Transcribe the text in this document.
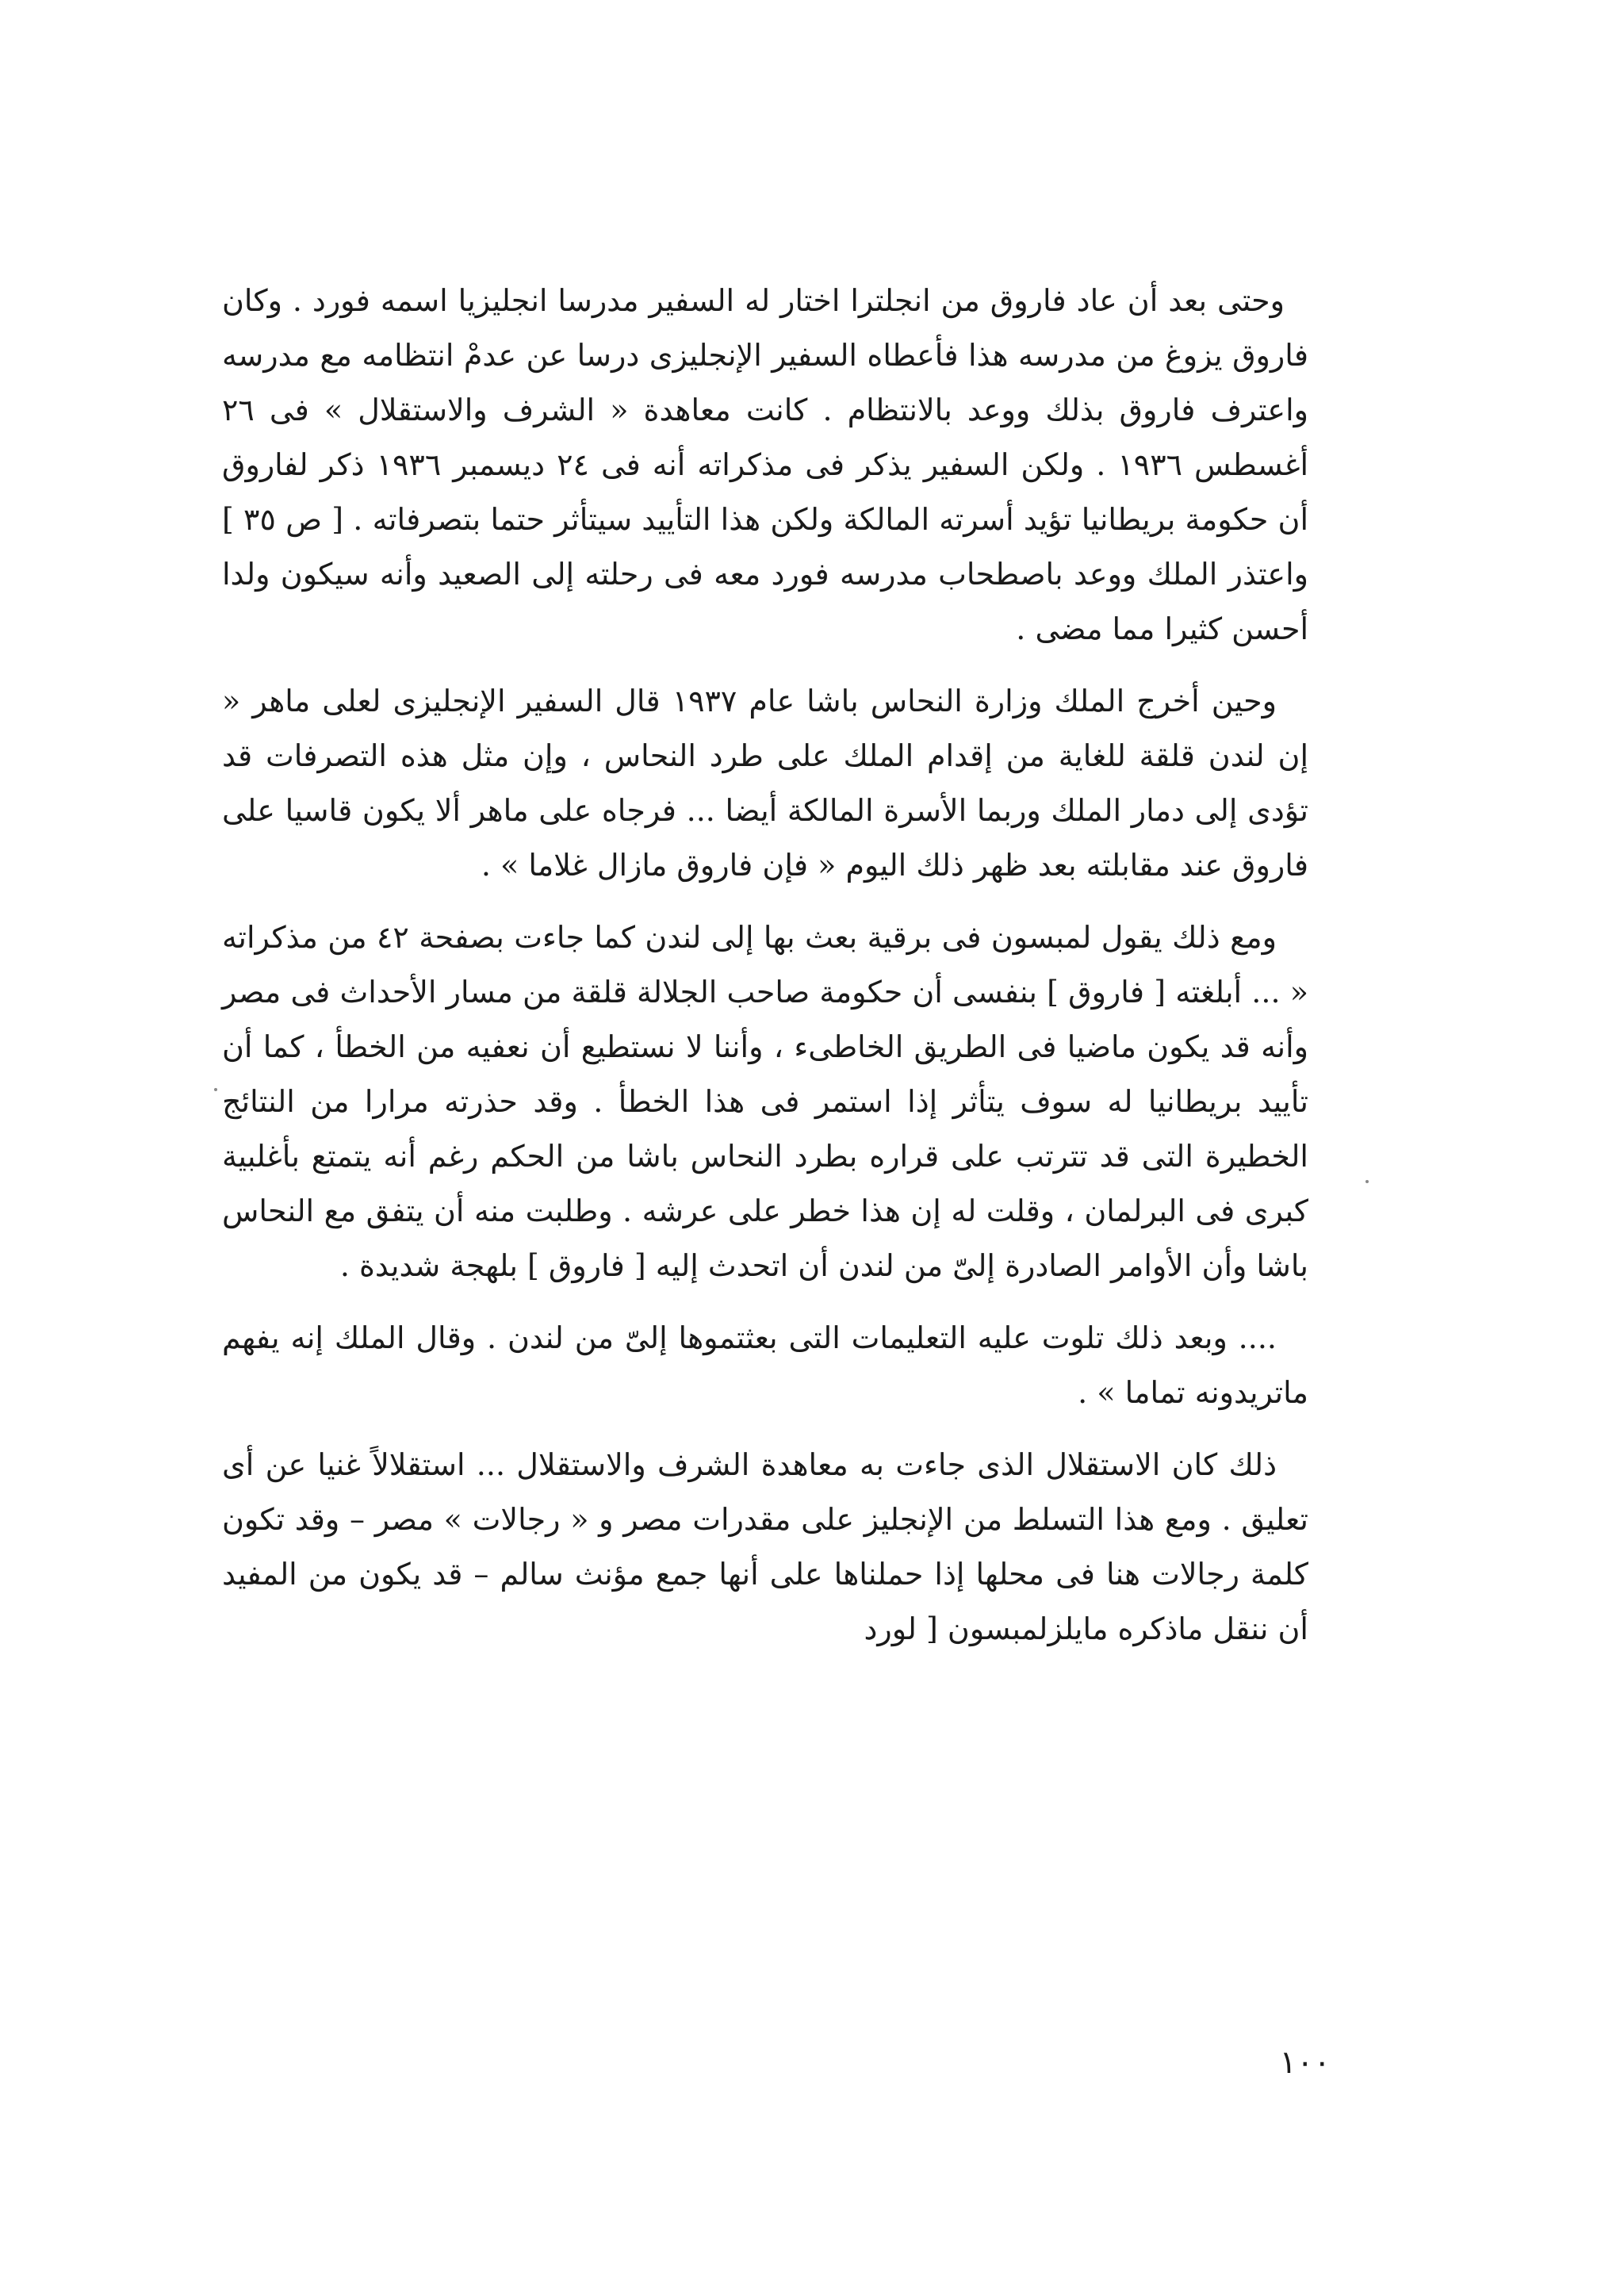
وحتى بعد أن عاد فاروق من انجلترا اختار له السفير مدرسا انجليزيا اسمه فورد . وكان فاروق يزوغ من مدرسه هذا فأعطاه السفير الإنجليزى درسا عن عدمْ انتظامه مع مدرسه واعترف فاروق بذلك ووعد بالانتظام . كانت معاهدة « الشرف والاستقلال » فى ٢٦ أغسطس ١٩٣٦ . ولكن السفير يذكر فى مذكراته أنه فى ٢٤ ديسمبر ١٩٣٦ ذكر لفاروق أن حكومة بريطانيا تؤيد أسرته المالكة ولكن هذا التأييد سيتأثر حتما بتصرفاته . [ ص ٣٥ ] واعتذر الملك ووعد باصطحاب مدرسه فورد معه فى رحلته إلى الصعيد وأنه سيكون ولدا أحسن كثيرا مما مضى .

وحين أخرج الملك وزارة النحاس باشا عام ١٩٣٧ قال السفير الإنجليزى لعلى ماهر « إن لندن قلقة للغاية من إقدام الملك على طرد النحاس ، وإن مثل هذه التصرفات قد تؤدى إلى دمار الملك وربما الأسرة المالكة أيضا ... فرجاه على ماهر ألا يكون قاسيا على فاروق عند مقابلته بعد ظهر ذلك اليوم « فإن فاروق مازال غلاما » .

ومع ذلك يقول لمبسون فى برقية بعث بها إلى لندن كما جاءت بصفحة ٤٢ من مذكراته « ... أبلغته [ فاروق ] بنفسى أن حكومة صاحب الجلالة قلقة من مسار الأحداث فى مصر وأنه قد يكون ماضيا فى الطريق الخاطىء ، وأننا لا نستطيع أن نعفيه من الخطأ ، كما أن تأييد بريطانيا له سوف يتأثر إذا استمر فى هذا الخطأ . وقد حذرته مرارا من النتائج الخطيرة التى قد تترتب على قراره بطرد النحاس باشا من الحكم رغم أنه يتمتع بأغلبية كبرى فى البرلمان ، وقلت له إن هذا خطر على عرشه . وطلبت منه أن يتفق مع النحاس باشا وأن الأوامر الصادرة إلىّ من لندن أن اتحدث إليه [ فاروق ] بلهجة شديدة .

.... وبعد ذلك تلوت عليه التعليمات التى بعثتموها إلىّ من لندن . وقال الملك إنه يفهم ماتريدونه تماما » .

ذلك كان الاستقلال الذى جاءت به معاهدة الشرف والاستقلال ... استقلالاً غنيا عن أى تعليق . ومع هذا التسلط من الإنجليز على مقدرات مصر و « رجالات » مصر – وقد تكون كلمة رجالات هنا فى محلها إذا حملناها على أنها جمع مؤنث سالم – قد يكون من المفيد أن ننقل ماذكره مايلزلمبسون [ لورد

١٠٠
